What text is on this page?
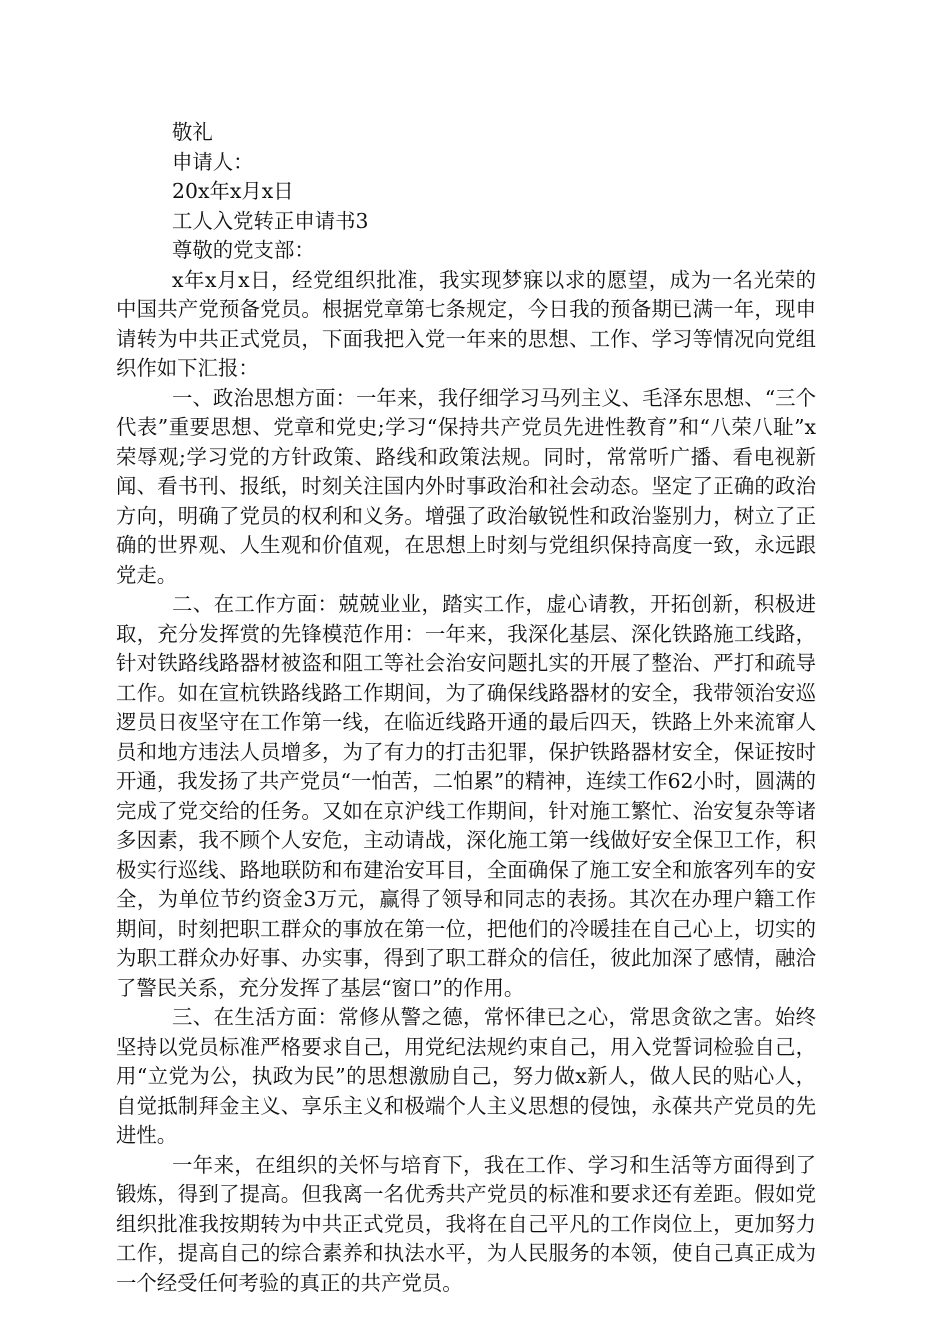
敬礼

申请人：

20x年x月x日

工人入党转正申请书3

尊敬的党支部：

x年x月x日，经党组织批准，我实现梦寐以求的愿望，成为一名光荣的中国共产党预备党员。根据党章第七条规定，今日我的预备期已满一年，现申请转为中共正式党员，下面我把入党一年来的思想、工作、学习等情况向党组织作如下汇报：

一、政治思想方面：一年来，我仔细学习马列主义、毛泽东思想、“三个代表”重要思想、党章和党史;学习“保持共产党员先进性教育”和“八荣八耻”x荣辱观;学习党的方针政策、路线和政策法规。同时，常常听广播、看电视新闻、看书刊、报纸，时刻关注国内外时事政治和社会动态。坚定了正确的政治方向，明确了党员的权利和义务。增强了政治敏锐性和政治鉴别力，树立了正确的世界观、人生观和价值观，在思想上时刻与党组织保持高度一致，永远跟党走。

二、在工作方面：兢兢业业，踏实工作，虚心请教，开拓创新，积极进取，充分发挥赏的先锋模范作用：一年来，我深化基层、深化铁路施工线路，针对铁路线路器材被盗和阻工等社会治安问题扎实的开展了整治、严打和疏导工作。如在宣杭铁路线路工作期间，为了确保线路器材的安全，我带领治安巡逻员日夜坚守在工作第一线，在临近线路开通的最后四天，铁路上外来流窜人员和地方违法人员增多，为了有力的打击犯罪，保护铁路器材安全，保证按时开通，我发扬了共产党员“一怕苦，二怕累”的精神，连续工作62小时，圆满的完成了党交给的任务。又如在京沪线工作期间，针对施工繁忙、治安复杂等诸多因素，我不顾个人安危，主动请战，深化施工第一线做好安全保卫工作，积极实行巡线、路地联防和布建治安耳目，全面确保了施工安全和旅客列车的安全，为单位节约资金3万元，赢得了领导和同志的表扬。其次在办理户籍工作期间，时刻把职工群众的事放在第一位，把他们的冷暖挂在自己心上，切实的为职工群众办好事、办实事，得到了职工群众的信任，彼此加深了感情，融洽了警民关系，充分发挥了基层“窗口”的作用。

三、在生活方面：常修从警之德，常怀律已之心，常思贪欲之害。始终坚持以党员标准严格要求自己，用党纪法规约束自己，用入党誓词检验自己，用“立党为公，执政为民”的思想激励自己，努力做x新人，做人民的贴心人，自觉抵制拜金主义、享乐主义和极端个人主义思想的侵蚀，永葆共产党员的先进性。

一年来，在组织的关怀与培育下，我在工作、学习和生活等方面得到了锻炼，得到了提高。但我离一名优秀共产党员的标准和要求还有差距。假如党组织批准我按期转为中共正式党员，我将在自己平凡的工作岗位上，更加努力工作，提高自己的综合素养和执法水平，为人民服务的本领，使自己真正成为一个经受任何考验的真正的共产党员。
